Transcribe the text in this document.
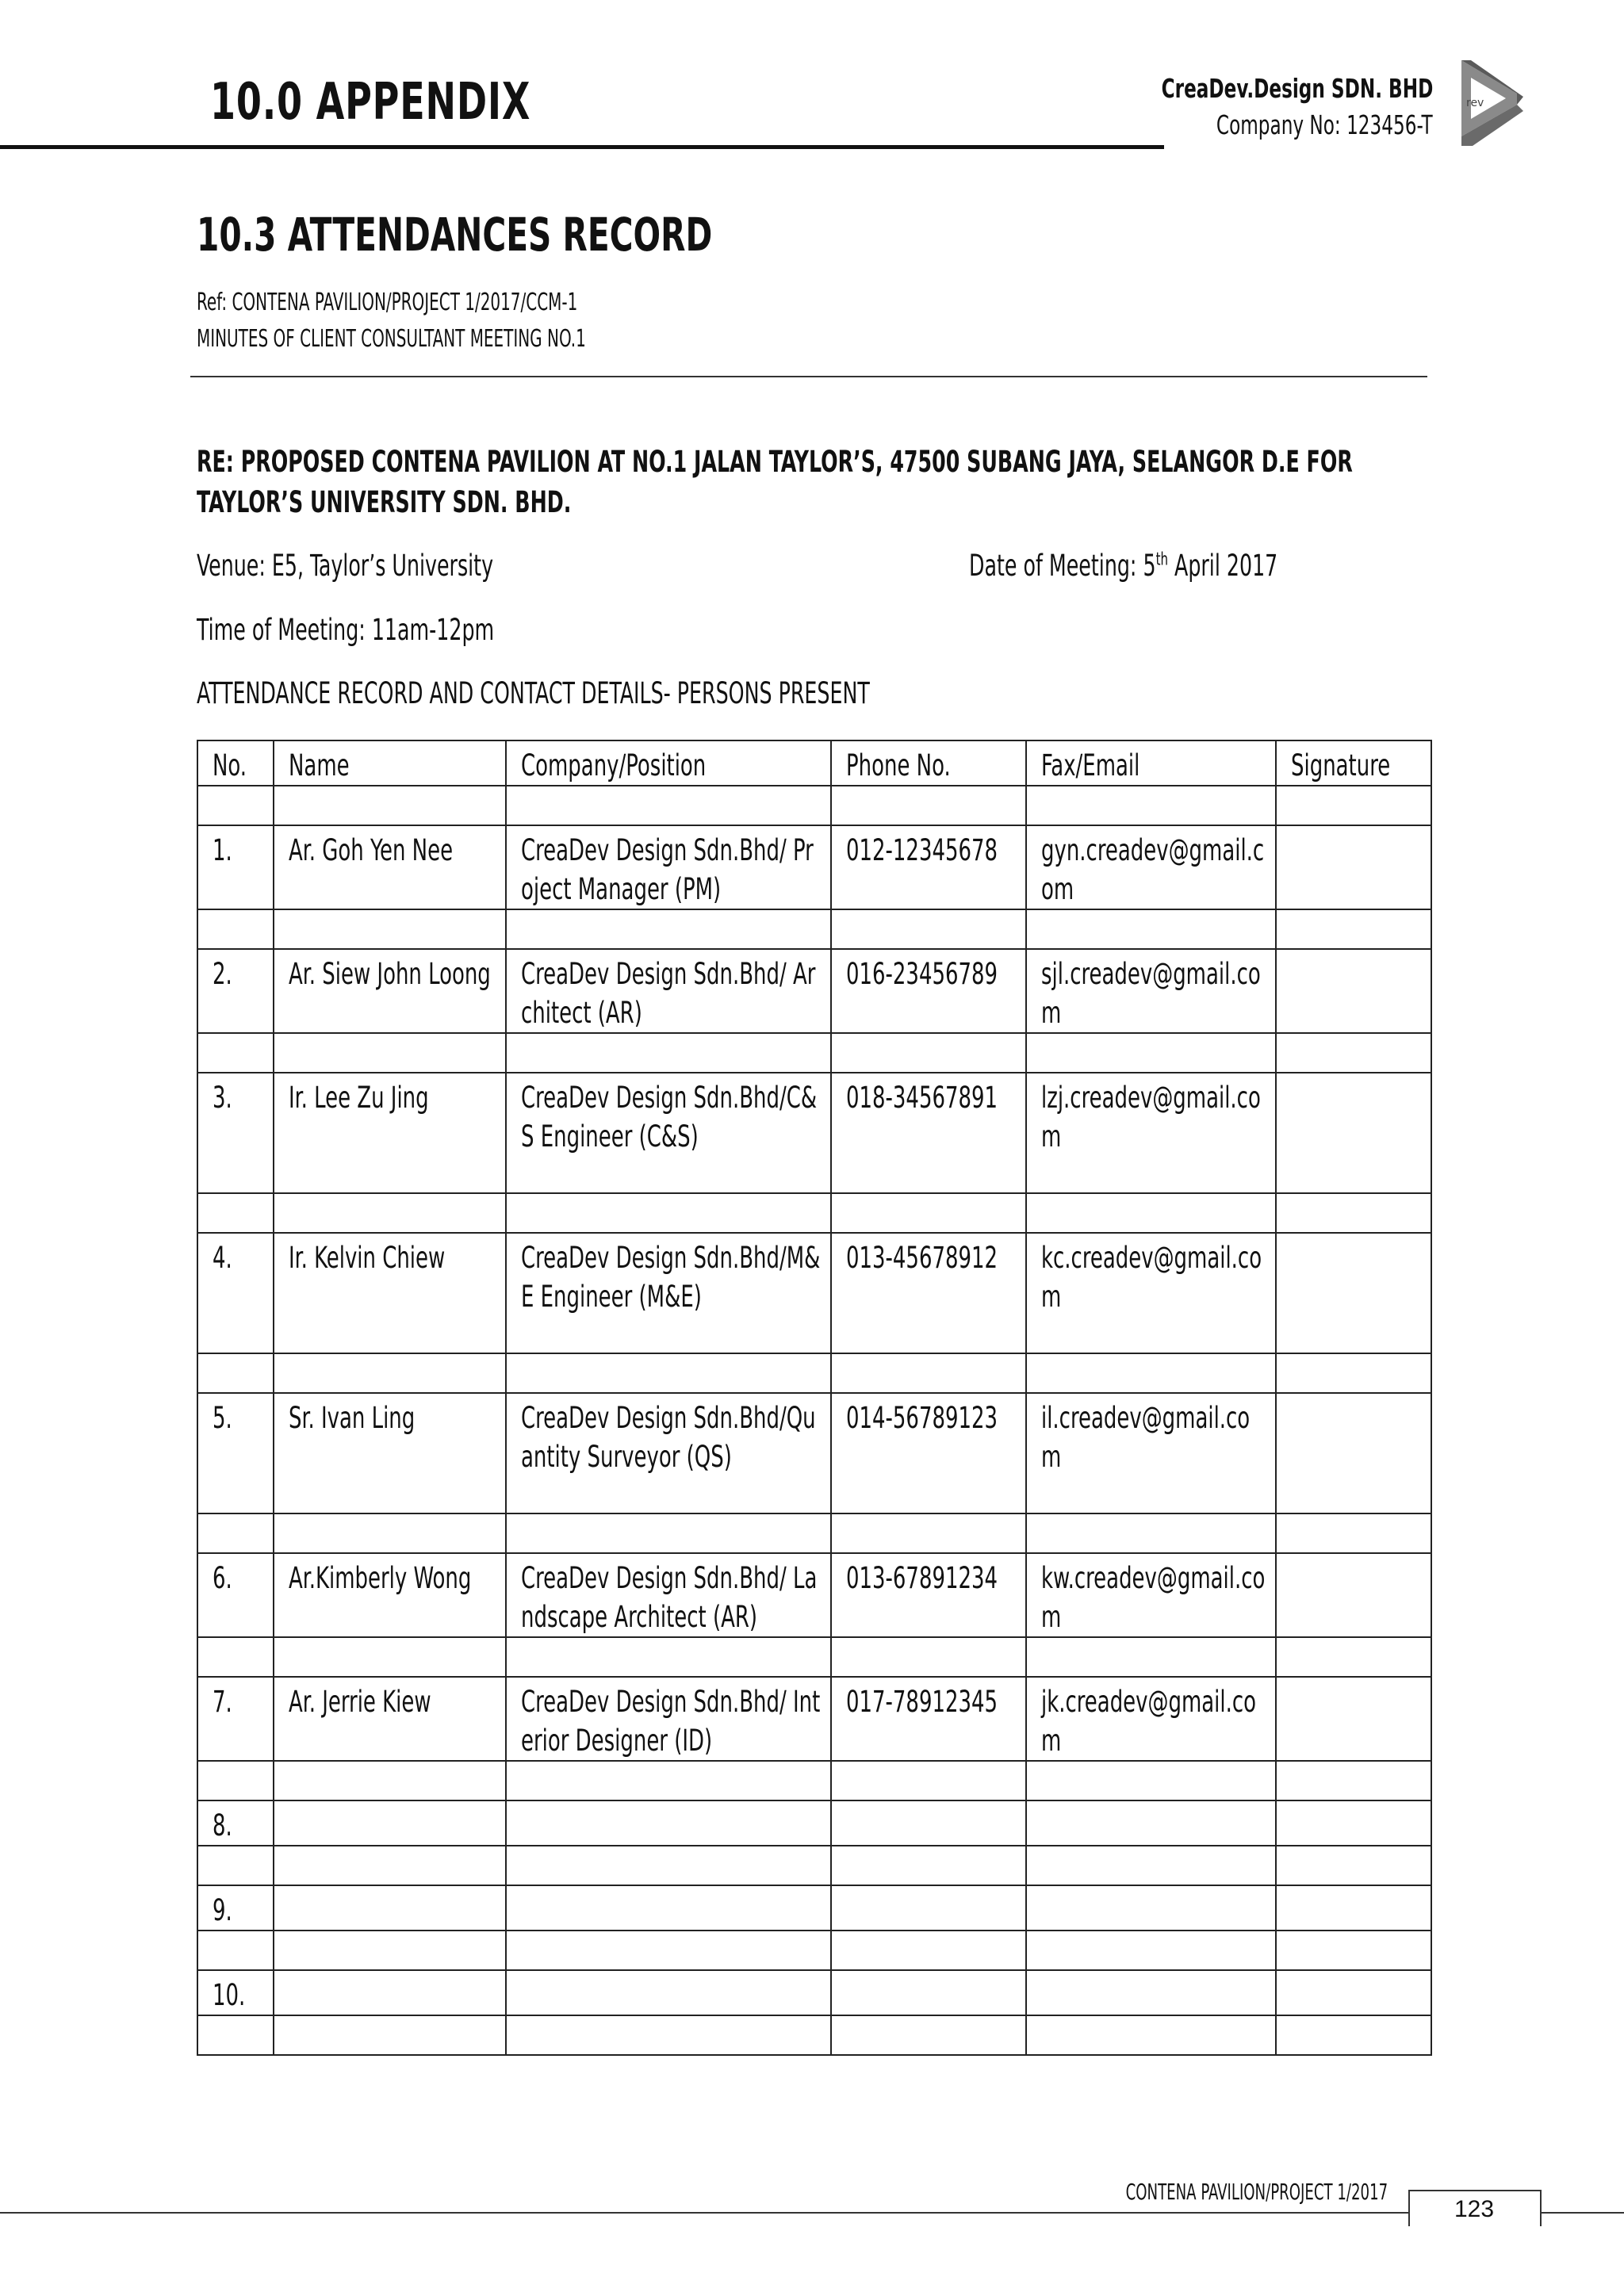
10.0 APPENDIX	CreaDev.Design SDN. BHD
Company No: 123456-T
rev
10.3 ATTENDANCES RECORD
Ref: CONTENA PAVILION/PROJECT 1/2017/CCM-1
MINUTES OF CLIENT CONSULTANT MEETING NO.1
RE: PROPOSED CONTENA PAVILION AT NO.1 JALAN TAYLOR’S, 47500 SUBANG JAYA, SELANGOR D.E FOR
TAYLOR’S UNIVERSITY SDN. BHD.
Venue: E5, Taylor’s University	Date of Meeting: 5th April 2017
Time of Meeting: 11am-12pm
ATTENDANCE RECORD AND CONTACT DETAILS- PERSONS PRESENT
No.	Name	Company/Position	Phone No.	Fax/Email	Signature

1.	Ar. Goh Yen Nee	CreaDev Design Sdn.Bhd/ Project Manager (PM)	012-12345678	gyn.creadev@gmail.com	

2.	Ar. Siew John Loong	CreaDev Design Sdn.Bhd/ Architect (AR)	016-23456789	sjl.creadev@gmail.com	

3.	Ir. Lee Zu Jing	CreaDev Design Sdn.Bhd/C&S Engineer (C&S)	018-34567891	lzj.creadev@gmail.com	

4.	Ir. Kelvin Chiew	CreaDev Design Sdn.Bhd/M&E Engineer (M&E)	013-45678912	kc.creadev@gmail.com	

5.	Sr. Ivan Ling	CreaDev Design Sdn.Bhd/Quantity Surveyor (QS)	014-56789123	il.creadev@gmail.com	

6.	Ar.Kimberly Wong	CreaDev Design Sdn.Bhd/ Landscape Architect (AR)	013-67891234	kw.creadev@gmail.com	

7.	Ar. Jerrie Kiew	CreaDev Design Sdn.Bhd/ Interior Designer (ID)	017-78912345	jk.creadev@gmail.com	

8.					

9.					

10.					

CONTENA PAVILION/PROJECT 1/2017
123
